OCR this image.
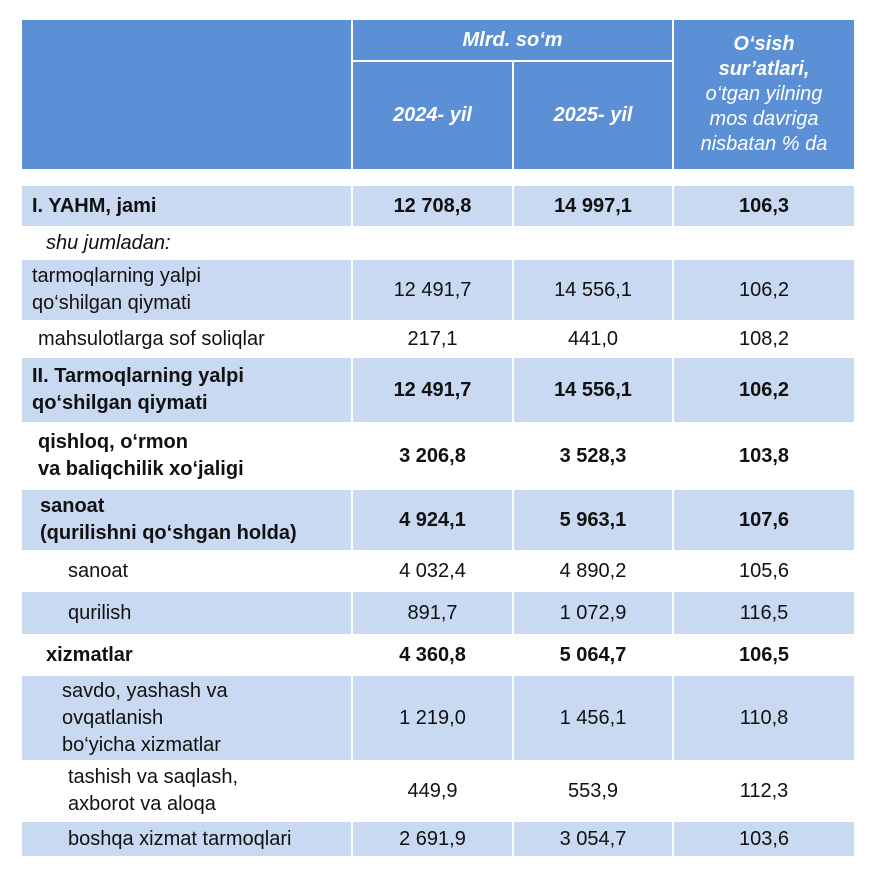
Mlrd. so‘m
2024- yil	2025- yil
O‘sish
sur’atlari,
o‘tgan yilning
mos davriga
nisbatan % da
I. YAHM, jami	12 708,8	14 997,1	106,3
shu jumladan:
tarmoqlarning yalpi
qo‘shilgan qiymati
12 491,7	14 556,1	106,2
mahsulotlarga sof soliqlar	217,1	441,0	108,2
II. Tarmoqlarning yalpi
qo‘shilgan qiymati
12 491,7	14 556,1	106,2
qishloq, o‘rmon
va baliqchilik xo‘jaligi
3 206,8	3 528,3	103,8
sanoat
(qurilishni qo‘shgan holda)
4 924,1	5 963,1	107,6
sanoat	4 032,4	4 890,2	105,6
qurilish	891,7	1 072,9	116,5
xizmatlar	4 360,8	5 064,7	106,5
savdo, yashash va
ovqatlanish
bo‘yicha xizmatlar
1 219,0	1 456,1	110,8
tashish va saqlash,
axborot va aloqa
449,9	553,9	112,3
boshqa xizmat tarmoqlari	2 691,9	3 054,7	103,6
